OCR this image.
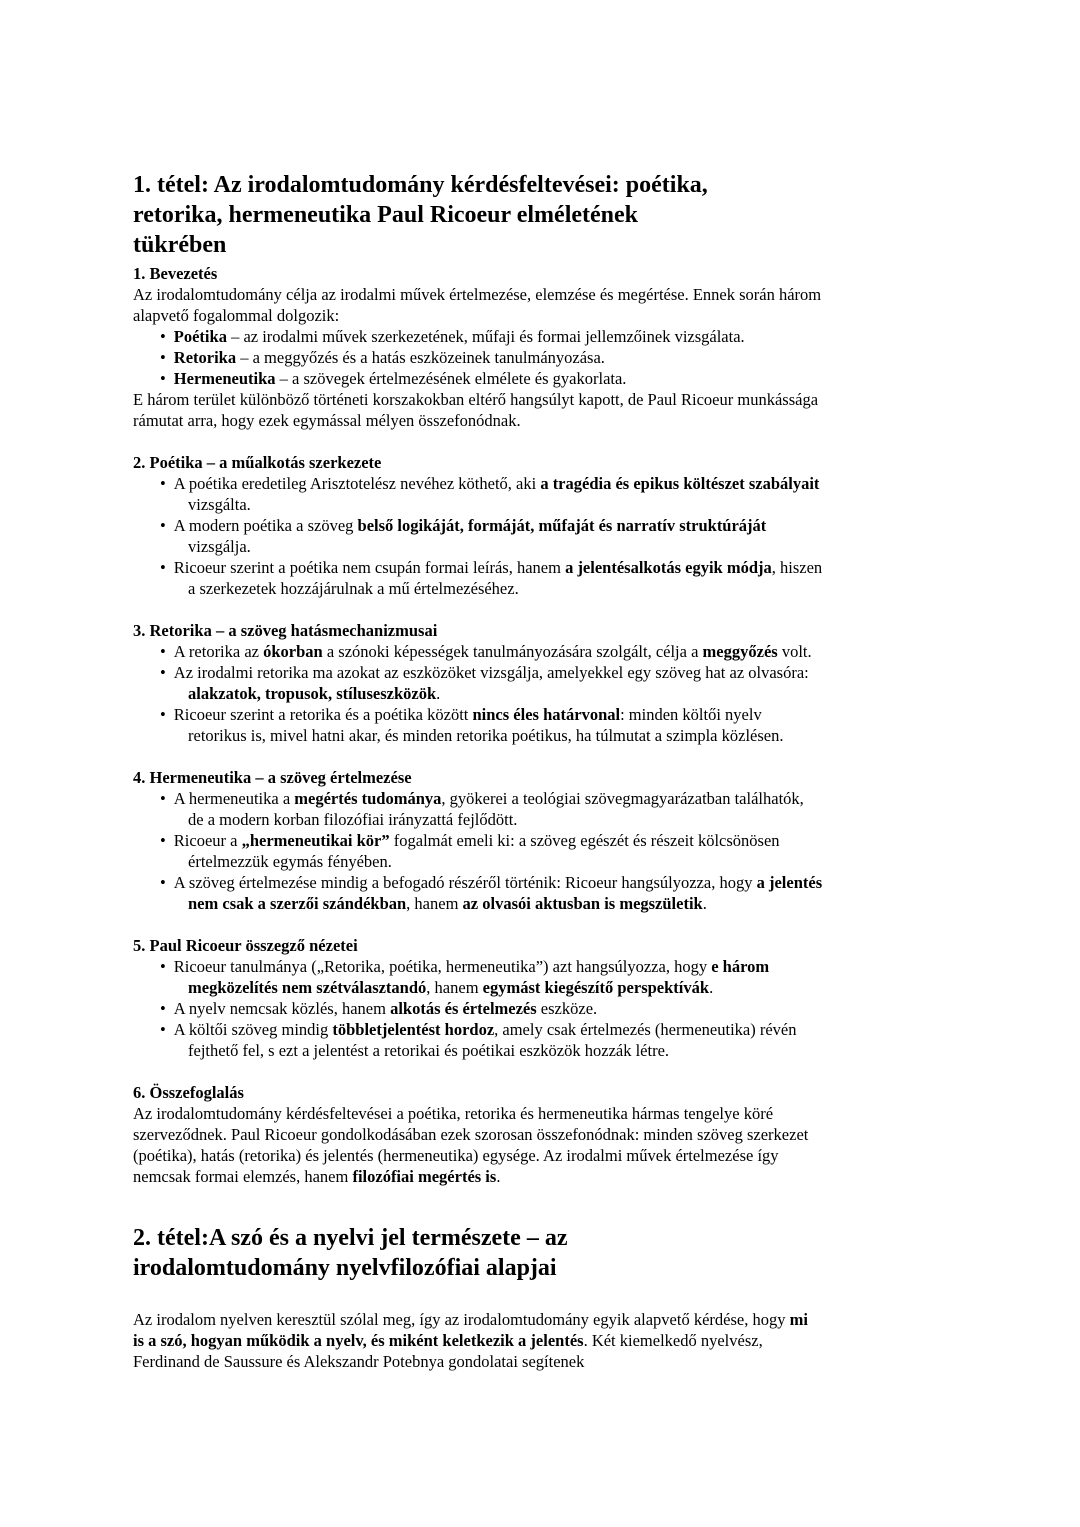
1. tétel: Az irodalomtudomány kérdésfeltevései: poétika,
retorika, hermeneutika Paul Ricoeur elméletének
tükrében
1. Bevezetés
Az irodalomtudomány célja az irodalmi művek értelmezése, elemzése és megértése. Ennek során három alapvető fogalommal dolgozik:
• Poétika – az irodalmi művek szerkezetének, műfaji és formai jellemzőinek vizsgálata.
• Retorika – a meggyőzés és a hatás eszközeinek tanulmányozása.
• Hermeneutika – a szövegek értelmezésének elmélete és gyakorlata.
E három terület különböző történeti korszakokban eltérő hangsúlyt kapott, de Paul Ricoeur munkássága rámutat arra, hogy ezek egymással mélyen összefonódnak.
2. Poétika – a műalkotás szerkezete
• A poétika eredetileg Arisztotelész nevéhez köthető, aki a tragédia és epikus költészet szabályait vizsgálta.
• A modern poétika a szöveg belső logikáját, formáját, műfaját és narratív struktúráját vizsgálja.
• Ricoeur szerint a poétika nem csupán formai leírás, hanem a jelentésalkotás egyik módja, hiszen a szerkezetek hozzájárulnak a mű értelmezéséhez.
3. Retorika – a szöveg hatásmechanizmusai
• A retorika az ókorban a szónoki képességek tanulmányozására szolgált, célja a meggyőzés volt.
• Az irodalmi retorika ma azokat az eszközöket vizsgálja, amelyekkel egy szöveg hat az olvasóra: alakzatok, tropusok, stíluseszközök.
• Ricoeur szerint a retorika és a poétika között nincs éles határvonal: minden költői nyelv retorikus is, mivel hatni akar, és minden retorika poétikus, ha túlmutat a szimpla közlésen.
4. Hermeneutika – a szöveg értelmezése
• A hermeneutika a megértés tudománya, gyökerei a teológiai szövegmagyarázatban találhatók, de a modern korban filozófiai irányzattá fejlődött.
• Ricoeur a „hermeneutikai kör” fogalmát emeli ki: a szöveg egészét és részeit kölcsönösen értelmezzük egymás fényében.
• A szöveg értelmezése mindig a befogadó részéről történik: Ricoeur hangsúlyozza, hogy a jelentés nem csak a szerzői szándékban, hanem az olvasói aktusban is megszületik.
5. Paul Ricoeur összegző nézetei
• Ricoeur tanulmánya („Retorika, poétika, hermeneutika”) azt hangsúlyozza, hogy e három megközelítés nem szétválasztandó, hanem egymást kiegészítő perspektívák.
• A nyelv nemcsak közlés, hanem alkotás és értelmezés eszköze.
• A költői szöveg mindig többletjelentést hordoz, amely csak értelmezés (hermeneutika) révén fejthető fel, s ezt a jelentést a retorikai és poétikai eszközök hozzák létre.
6. Összefoglalás
Az irodalomtudomány kérdésfeltevései a poétika, retorika és hermeneutika hármas tengelye köré szerveződnek. Paul Ricoeur gondolkodásában ezek szorosan összefonódnak: minden szöveg szerkezet (poétika), hatás (retorika) és jelentés (hermeneutika) egysége. Az irodalmi művek értelmezése így nemcsak formai elemzés, hanem filozófiai megértés is.
2. tétel:A szó és a nyelvi jel természete – az
irodalomtudomány nyelvfilozófiai alapjai
Az irodalom nyelven keresztül szólal meg, így az irodalomtudomány egyik alapvető kérdése, hogy mi is a szó, hogyan működik a nyelv, és miként keletkezik a jelentés. Két kiemelkedő nyelvész, Ferdinand de Saussure és Alekszandr Potebnya gondolatai segítenek
